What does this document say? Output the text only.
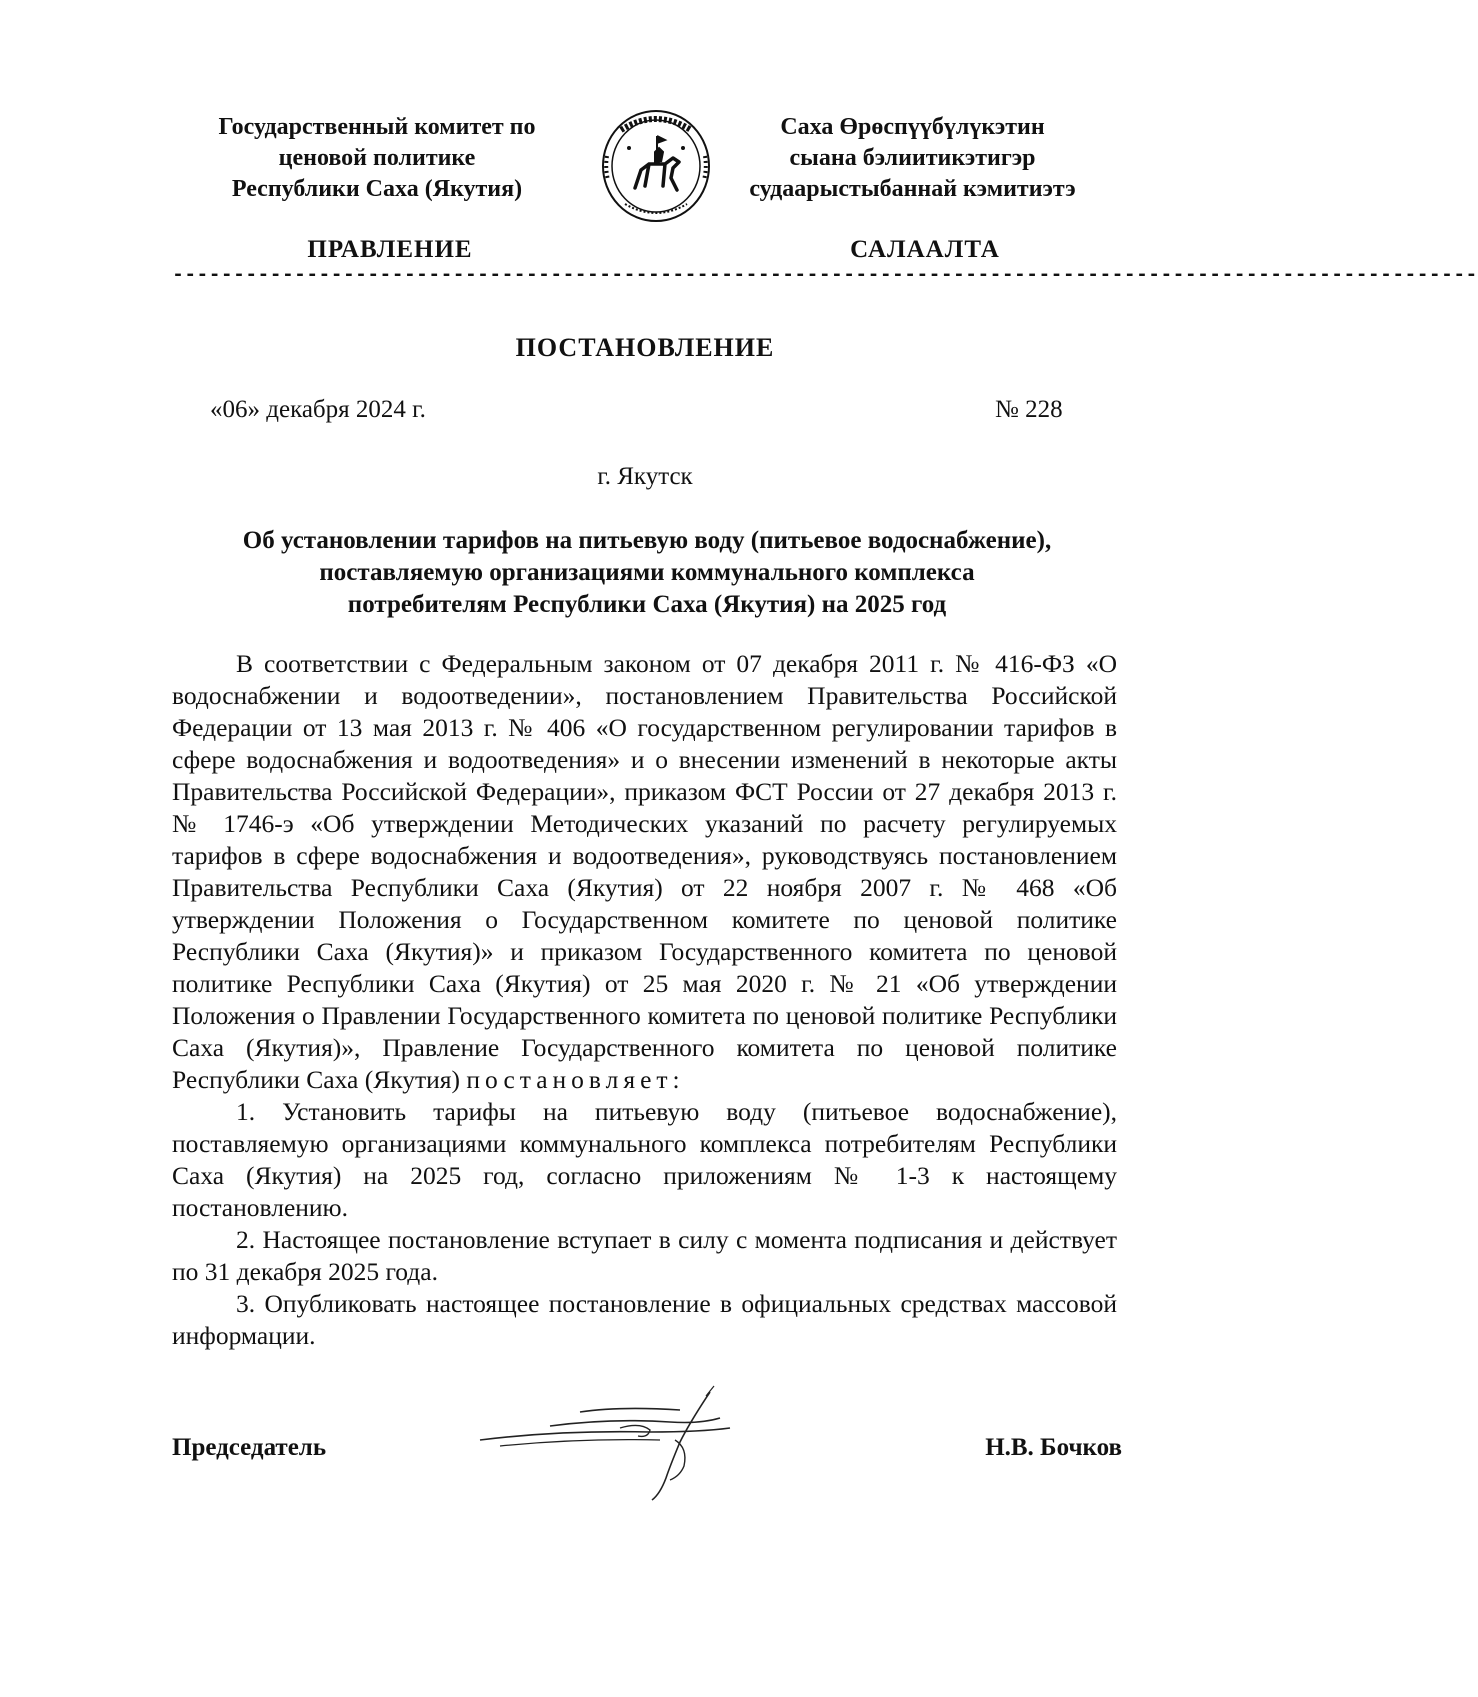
Государственный комитет по
ценовой политике
Республики Саха (Якутия)
Саха Өрөспүүбүлүкэтин
сыана бэлиитикэтигэр
судаарыстыбаннай кэмитиэтэ
ПРАВЛЕНИЕ	САЛААЛТА
-----------------------------------------------------------------------------------------------------------
ПОСТАНОВЛЕНИЕ
«06» декабря 2024 г.	№ 228
г. Якутск
Об установлении тарифов на питьевую воду (питьевое водоснабжение),
поставляемую организациями коммунального комплекса
потребителям Республики Саха (Якутия) на 2025 год

В соответствии с Федеральным законом от 07 декабря 2011 г. № 416-ФЗ «О водоснабжении и водоотведении», постановлением Правительства Российской Федерации от 13 мая 2013 г. № 406 «О государственном регулировании тарифов в сфере водоснабжения и водоотведения» и о внесении изменений в некоторые акты Правительства Российской Федерации», приказом ФСТ России от 27 декабря 2013 г. № 1746-э «Об утверждении Методических указаний по расчету регулируемых тарифов в сфере водоснабжения и водоотведения», руководствуясь постановлением Правительства Республики Саха (Якутия) от 22 ноября 2007 г. № 468 «Об утверждении Положения о Государственном комитете по ценовой политике Республики Саха (Якутия)» и приказом Государственного комитета по ценовой политике Республики Саха (Якутия) от 25 мая 2020 г. № 21 «Об утверждении Положения о Правлении Государственного комитета по ценовой политике Республики Саха (Якутия)», Правление Государственного комитета по ценовой политике Республики Саха (Якутия) постановляет:

1. Установить тарифы на питьевую воду (питьевое водоснабжение), поставляемую организациями коммунального комплекса потребителям Республики Саха (Якутия) на 2025 год, согласно приложениям № 1-3 к настоящему постановлению.

2. Настоящее постановление вступает в силу с момента подписания и действует по 31 декабря 2025 года.

3. Опубликовать настоящее постановление в официальных средствах массовой информации.

Председатель	Н.В. Бочков
